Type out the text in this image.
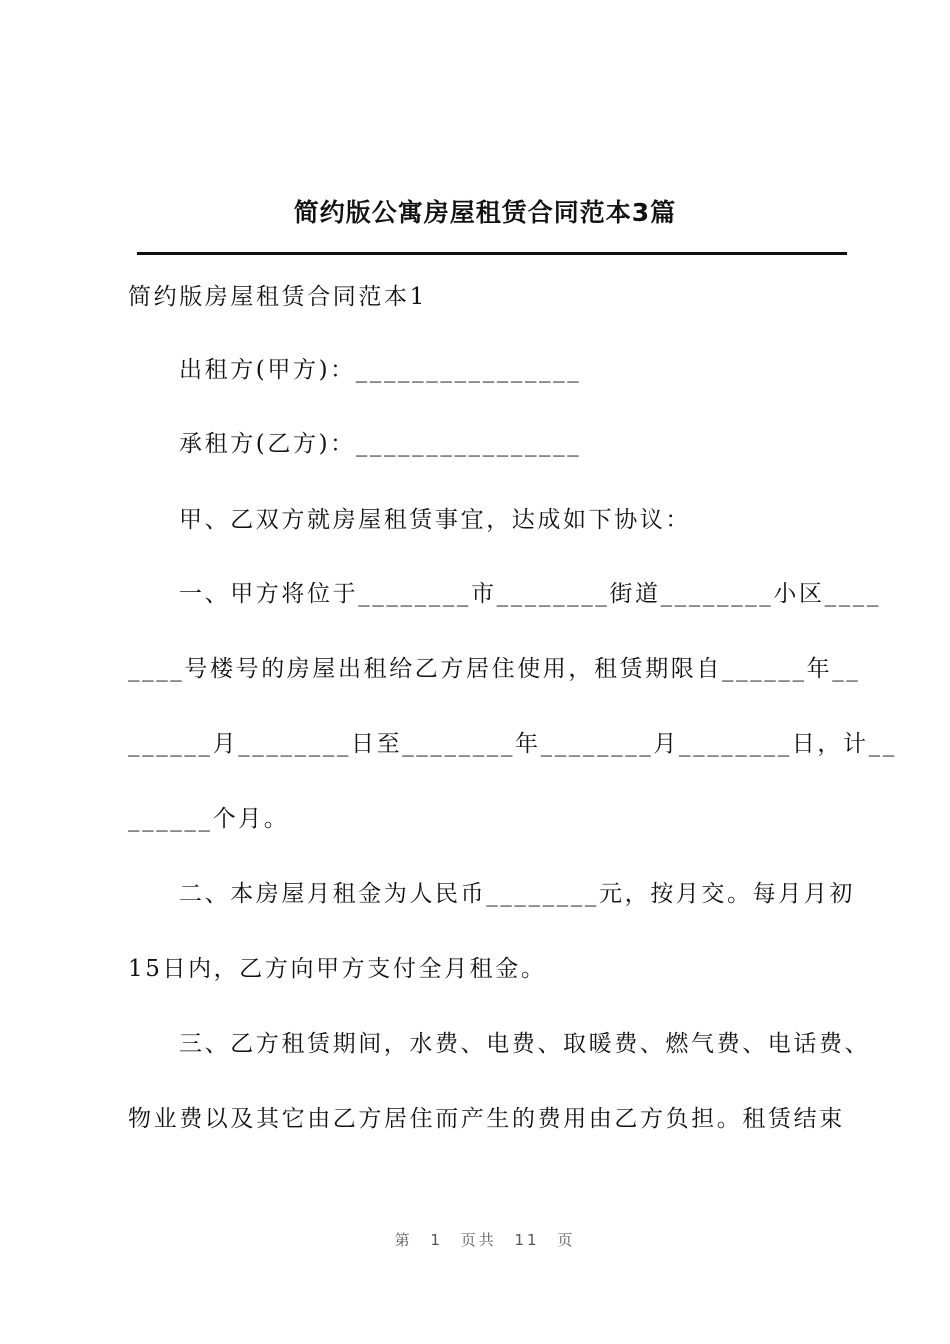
简约版公寓房屋租赁合同范本3篇
简约版房屋租赁合同范本1
出租方(甲方)：________________
承租方(乙方)：________________
甲、乙双方就房屋租赁事宜，达成如下协议：
一、甲方将位于________市________街道________小区____
____号楼号的房屋出租给乙方居住使用，租赁期限自______年__
______月________日至________年________月________日，计__
______个月。
二、本房屋月租金为人民币________元，按月交。每月月初
15日内，乙方向甲方支付全月租金。
三、乙方租赁期间，水费、电费、取暖费、燃气费、电话费、
物业费以及其它由乙方居住而产生的费用由乙方负担。租赁结束
第 1 页共 11 页
